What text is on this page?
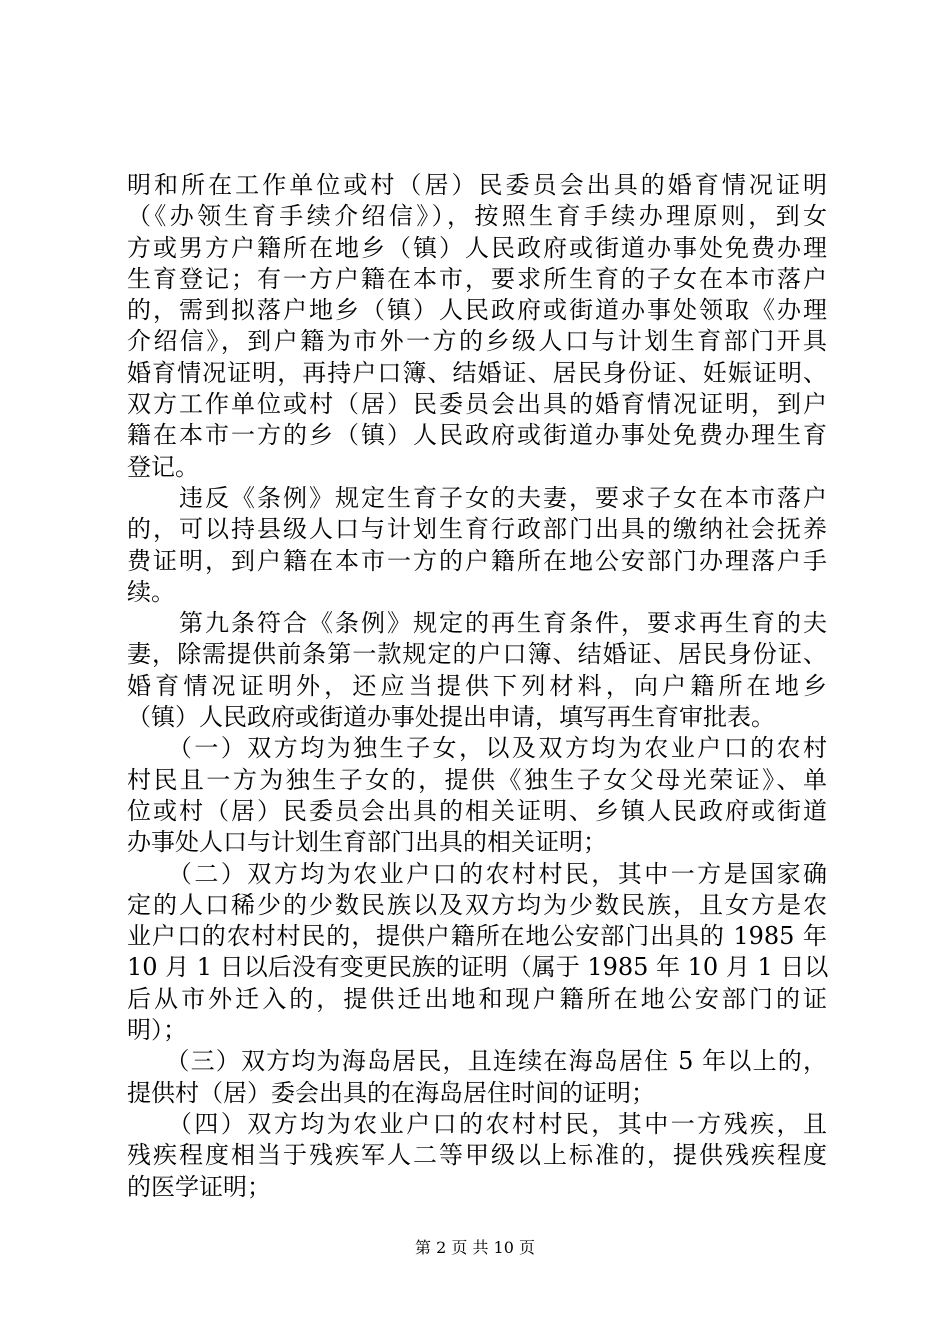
明和所在工作单位或村（居）民委员会出具的婚育情况证明
（《办领生育手续介绍信》），按照生育手续办理原则，到女
方或男方户籍所在地乡（镇）人民政府或街道办事处免费办理
生育登记；有一方户籍在本市，要求所生育的子女在本市落户
的，需到拟落户地乡（镇）人民政府或街道办事处领取《办理
介绍信》，到户籍为市外一方的乡级人口与计划生育部门开具
婚育情况证明，再持户口簿、结婚证、居民身份证、妊娠证明、
双方工作单位或村（居）民委员会出具的婚育情况证明，到户
籍在本市一方的乡（镇）人民政府或街道办事处免费办理生育
登记。
　　违反《条例》规定生育子女的夫妻，要求子女在本市落户
的，可以持县级人口与计划生育行政部门出具的缴纳社会抚养
费证明，到户籍在本市一方的户籍所在地公安部门办理落户手
续。
　　第九条符合《条例》规定的再生育条件，要求再生育的夫
妻，除需提供前条第一款规定的户口簿、结婚证、居民身份证、
婚育情况证明外，还应当提供下列材料，向户籍所在地乡
（镇）人民政府或街道办事处提出申请，填写再生育审批表。
　　（一）双方均为独生子女，以及双方均为农业户口的农村
村民且一方为独生子女的，提供《独生子女父母光荣证》、单
位或村（居）民委员会出具的相关证明、乡镇人民政府或街道
办事处人口与计划生育部门出具的相关证明；
　　（二）双方均为农业户口的农村村民，其中一方是国家确
定的人口稀少的少数民族以及双方均为少数民族，且女方是农
业户口的农村村民的，提供户籍所在地公安部门出具的 1985 年
10 月 1 日以后没有变更民族的证明（属于 1985 年 10 月 1 日以
后从市外迁入的，提供迁出地和现户籍所在地公安部门的证
明）；
　　（三）双方均为海岛居民，且连续在海岛居住 5 年以上的，
提供村（居）委会出具的在海岛居住时间的证明；
　　（四）双方均为农业户口的农村村民，其中一方残疾，且
残疾程度相当于残疾军人二等甲级以上标准的，提供残疾程度
的医学证明；
第 2 页 共 10 页
